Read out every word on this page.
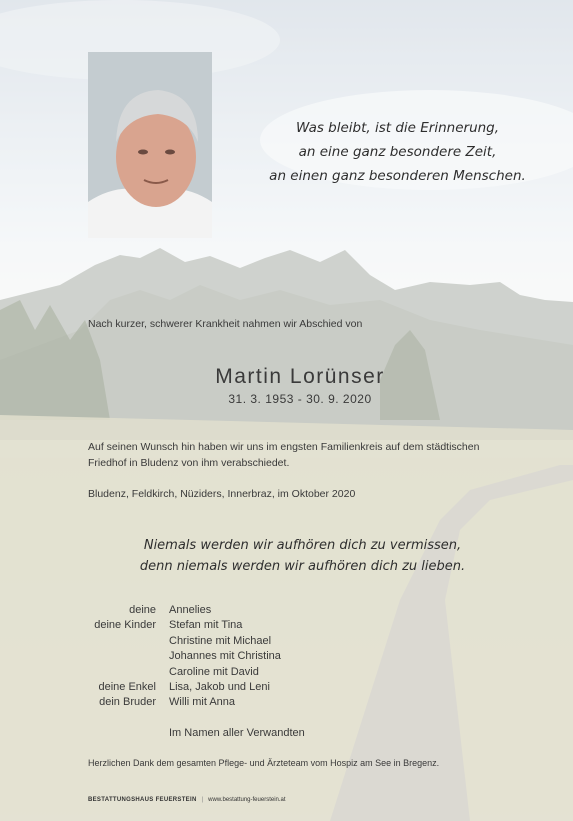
Was bleibt, ist die Erinnerung,
an eine ganz besondere Zeit,
an einen ganz besonderen Menschen.
Nach kurzer, schwerer Krankheit nahmen wir Abschied von
Martin Lorünser
31. 3. 1953 - 30. 9. 2020
Auf seinen Wunsch hin haben wir uns im engsten Familienkreis auf dem städtischen
Friedhof in Bludenz von ihm verabschiedet.
Bludenz, Feldkirch, Nüziders, Innerbraz, im Oktober 2020
Niemals werden wir aufhören dich zu vermissen,
denn niemals werden wir aufhören dich zu lieben.
deine Annelies
deine Kinder Stefan mit Tina
Christine mit Michael
Johannes mit Christina
Caroline mit David
deine Enkel Lisa, Jakob und Leni
dein Bruder Willi mit Anna
Im Namen aller Verwandten
Herzlichen Dank dem gesamten Pflege- und Ärzteteam vom Hospiz am See in Bregenz.
BESTATTUNGSHAUS FEUERSTEIN | www.bestattung-feuerstein.at
